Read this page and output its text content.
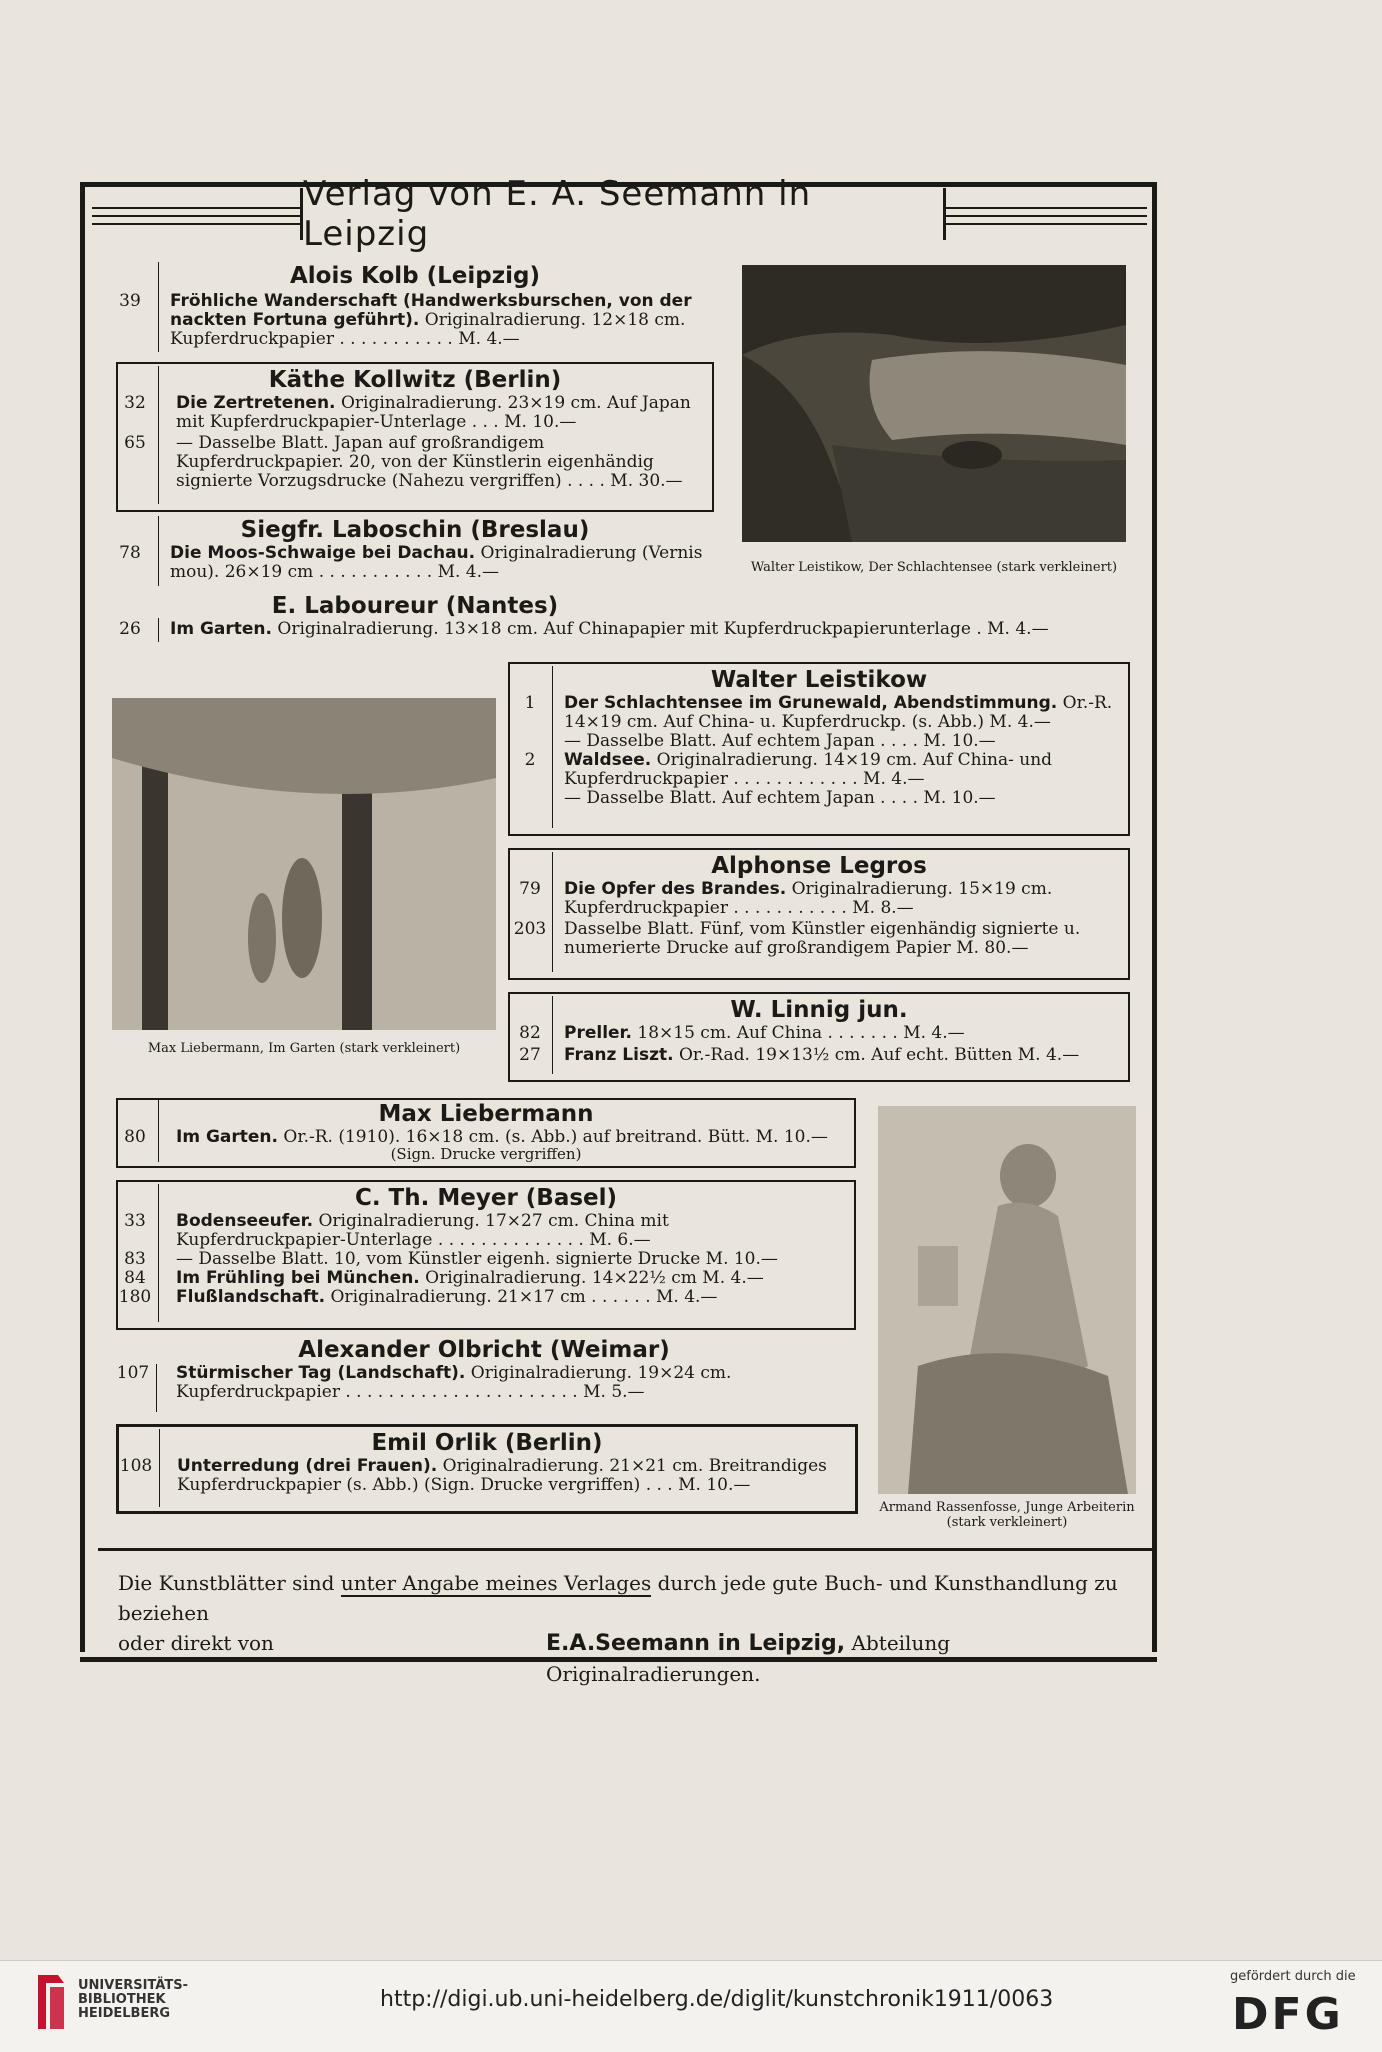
Verlag von E. A. Seemann in Leipzig
Alois Kolb (Leipzig)
39	Fröhliche Wanderschaft (Handwerksburschen, von der nackten Fortuna geführt). Originalradierung. 12×18 cm.
Kupferdruckpapier . . . . . . . . . . . M. 4.—
Käthe Kollwitz (Berlin)
32	Die Zertretenen. Originalradierung. 23×19 cm. Auf Japan mit Kupferdruckpapier-Unterlage . . . M. 10.—
65	— Dasselbe Blatt. Japan auf großrandigem Kupferdruckpapier. 20, von der Künstlerin eigenhändig signierte Vorzugsdrucke (Nahezu vergriffen) . . . . M. 30.—
Siegfr. Laboschin (Breslau)
78	Die Moos-Schwaige bei Dachau. Originalradierung (Vernis mou). 26×19 cm . . . . . . . . . . . M. 4.—	Walter Leistikow, Der Schlachtensee (stark verkleinert)
E. Laboureur (Nantes)
26	Im Garten. Originalradierung. 13×18 cm. Auf Chinapapier mit Kupferdruckpapierunterlage . M. 4.—
Max Liebermann, Im Garten (stark verkleinert)
Walter Leistikow
1	Der Schlachtensee im Grunewald, Abendstimmung. Or.-R. 14×19 cm. Auf China- u. Kupferdruckp. (s. Abb.) M. 4.—
— Dasselbe Blatt. Auf echtem Japan . . . . M. 10.—
2	Waldsee. Originalradierung. 14×19 cm. Auf China- und Kupferdruckpapier . . . . . . . . . . . . M. 4.—
— Dasselbe Blatt. Auf echtem Japan . . . . M. 10.—
Alphonse Legros
79	Die Opfer des Brandes. Originalradierung. 15×19 cm. Kupferdruckpapier . . . . . . . . . . . M. 8.—
203 Dasselbe Blatt. Fünf, vom Künstler eigenhändig signierte u. numerierte Drucke auf großrandigem Papier M. 80.—
W. Linnig jun.
82	Preller. 18×15 cm. Auf China . . . . . . . M. 4.—
27	Franz Liszt. Or.-Rad. 19×13½ cm. Auf echt. Bütten M. 4.—
Max Liebermann
80	Im Garten. Or.-R. (1910). 16×18 cm. (s. Abb.) auf breitrand. Bütt. M. 10.—
(Sign. Drucke vergriffen)
C. Th. Meyer (Basel)
33	Bodenseeufer. Originalradierung. 17×27 cm. China mit Kupferdruckpapier-Unterlage . . . . . . . . . . . . . . M. 6.—
83	— Dasselbe Blatt. 10, vom Künstler eigenh. signierte Drucke M. 10.—
84	Im Frühling bei München. Originalradierung. 14×22½ cm M. 4.—
180 Flußlandschaft. Originalradierung. 21×17 cm . . . . . . M. 4.—
Alexander Olbricht (Weimar)
107 Stürmischer Tag (Landschaft). Originalradierung. 19×24 cm. Kupferdruckpapier . . . . . . . . . . . . . . . . . . . . . . M. 5.—
Emil Orlik (Berlin)
108 Unterredung (drei Frauen). Originalradierung. 21×21 cm. Breitrandiges Kupferdruckpapier (s. Abb.) (Sign. Drucke vergriffen) . . . M. 10.—
Armand Rassenfosse, Junge Arbeiterin (stark verkleinert)
Die Kunstblätter sind unter Angabe meines Verlages durch jede gute Buch- und Kunsthandlung zu beziehen
oder direkt von	E.A.Seemann in Leipzig, Abteilung Originalradierungen.
UNIVERSITÄTS-
BIBLIOTHEK
HEIDELBERG
http://digi.ub.uni-heidelberg.de/diglit/kunstchronik1911/0063
gefördert durch die
DFG
